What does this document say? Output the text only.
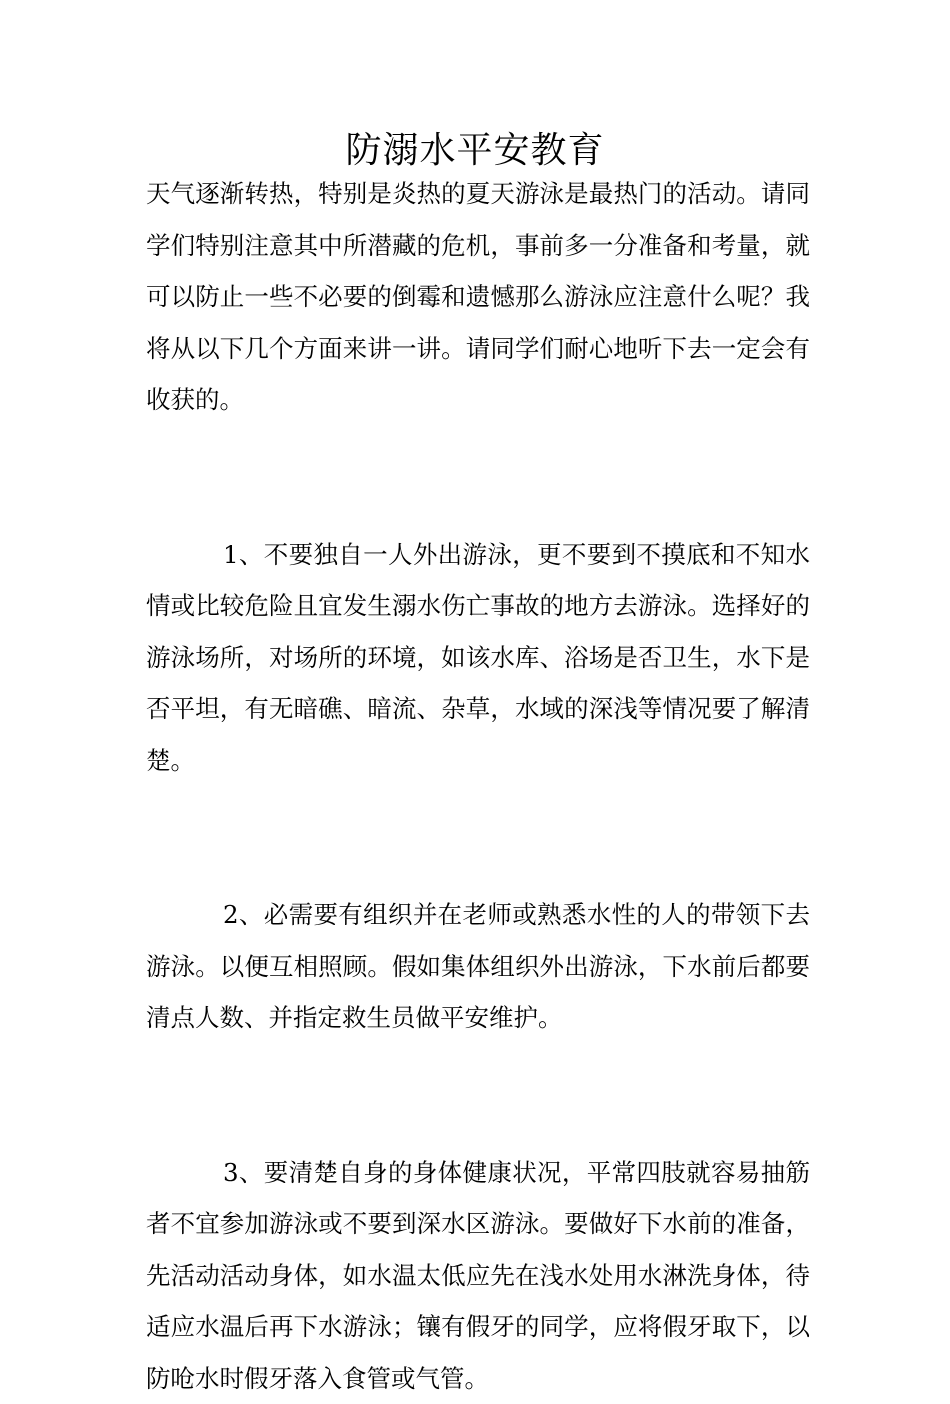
防溺水平安教育

天气逐渐转热，特别是炎热的夏天游泳是最热门的活动。请同学们特别注意其中所潜藏的危机，事前多一分准备和考量，就可以防止一些不必要的倒霉和遗憾那么游泳应注意什么呢？我将从以下几个方面来讲一讲。请同学们耐心地听下去一定会有收获的。

1、不要独自一人外出游泳，更不要到不摸底和不知水情或比较危险且宜发生溺水伤亡事故的地方去游泳。选择好的游泳场所，对场所的环境，如该水库、浴场是否卫生，水下是否平坦，有无暗礁、暗流、杂草，水域的深浅等情况要了解清楚。

2、必需要有组织并在老师或熟悉水性的人的带领下去游泳。以便互相照顾。假如集体组织外出游泳，下水前后都要清点人数、并指定救生员做平安维护。

3、要清楚自身的身体健康状况，平常四肢就容易抽筋者不宜参加游泳或不要到深水区游泳。要做好下水前的准备，先活动活动身体，如水温太低应先在浅水处用水淋洗身体，待适应水温后再下水游泳；镶有假牙的同学，应将假牙取下，以防呛水时假牙落入食管或气管。
